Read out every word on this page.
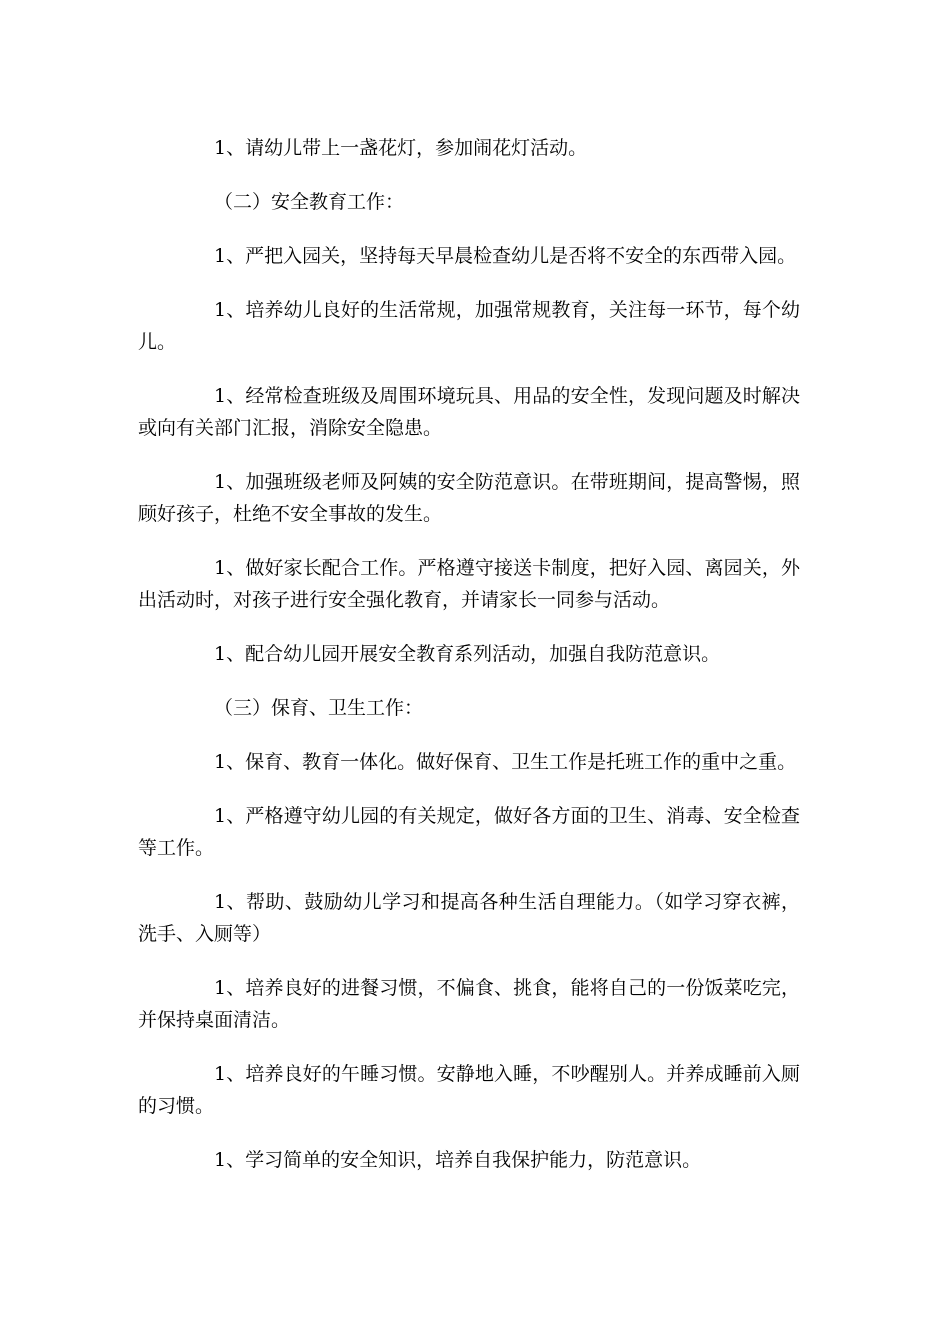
1、请幼儿带上一盏花灯，参加闹花灯活动。

（二）安全教育工作：

1、严把入园关，坚持每天早晨检查幼儿是否将不安全的东西带入园。

1、培养幼儿良好的生活常规，加强常规教育，关注每一环节，每个幼儿。

1、经常检查班级及周围环境玩具、用品的安全性，发现问题及时解决或向有关部门汇报，消除安全隐患。

1、加强班级老师及阿姨的安全防范意识。在带班期间，提高警惕，照顾好孩子，杜绝不安全事故的发生。

1、做好家长配合工作。严格遵守接送卡制度，把好入园、离园关，外出活动时，对孩子进行安全强化教育，并请家长一同参与活动。

1、配合幼儿园开展安全教育系列活动，加强自我防范意识。

（三）保育、卫生工作：

1、保育、教育一体化。做好保育、卫生工作是托班工作的重中之重。

1、严格遵守幼儿园的有关规定，做好各方面的卫生、消毒、安全检查等工作。

1、帮助、鼓励幼儿学习和提高各种生活自理能力。（如学习穿衣裤，洗手、入厕等）

1、培养良好的进餐习惯，不偏食、挑食，能将自己的一份饭菜吃完，并保持桌面清洁。

1、培养良好的午睡习惯。安静地入睡，不吵醒别人。并养成睡前入厕的习惯。

1、学习简单的安全知识，培养自我保护能力，防范意识。
